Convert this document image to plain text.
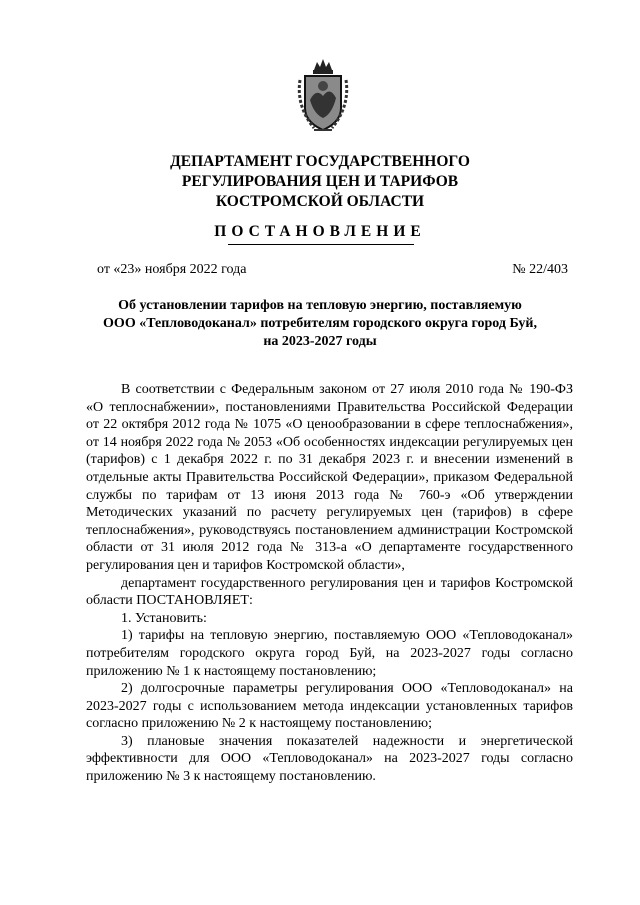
ДЕПАРТАМЕНТ ГОСУДАРСТВЕННОГО
РЕГУЛИРОВАНИЯ ЦЕН И ТАРИФОВ
КОСТРОМСКОЙ ОБЛАСТИ
ПОСТАНОВЛЕНИЕ
от «23» ноября 2022 года	№ 22/403
Об установлении тарифов на тепловую энергию, поставляемую
ООО «Тепловодоканал» потребителям городского округа город Буй,
на 2023-2027 годы

В соответствии с Федеральным законом от 27 июля 2010 года № 190-ФЗ «О теплоснабжении», постановлениями Правительства Российской Федерации от 22 октября 2012 года № 1075 «О ценообразовании в сфере теплоснабжения», от 14 ноября 2022 года № 2053 «Об особенностях индексации регулируемых цен (тарифов) с 1 декабря 2022 г. по 31 декабря 2023 г. и внесении изменений в отдельные акты Правительства Российской Федерации», приказом Федеральной службы по тарифам от 13 июня 2013 года № 760-э «Об утверждении Методических указаний по расчету регулируемых цен (тарифов) в сфере теплоснабжения», руководствуясь постановлением администрации Костромской области от 31 июля 2012 года № 313-а «О департаменте государственного регулирования цен и тарифов Костромской области»,

департамент государственного регулирования цен и тарифов Костромской области ПОСТАНОВЛЯЕТ:

1. Установить:

1) тарифы на тепловую энергию, поставляемую ООО «Тепловодоканал» потребителям городского округа город Буй, на 2023-2027 годы согласно приложению № 1 к настоящему постановлению;

2) долгосрочные параметры регулирования ООО «Тепловодоканал» на 2023-2027 годы с использованием метода индексации установленных тарифов согласно приложению № 2 к настоящему постановлению;

3) плановые значения показателей надежности и энергетической эффективности для ООО «Тепловодоканал» на 2023-2027 годы согласно приложению № 3 к настоящему постановлению.
